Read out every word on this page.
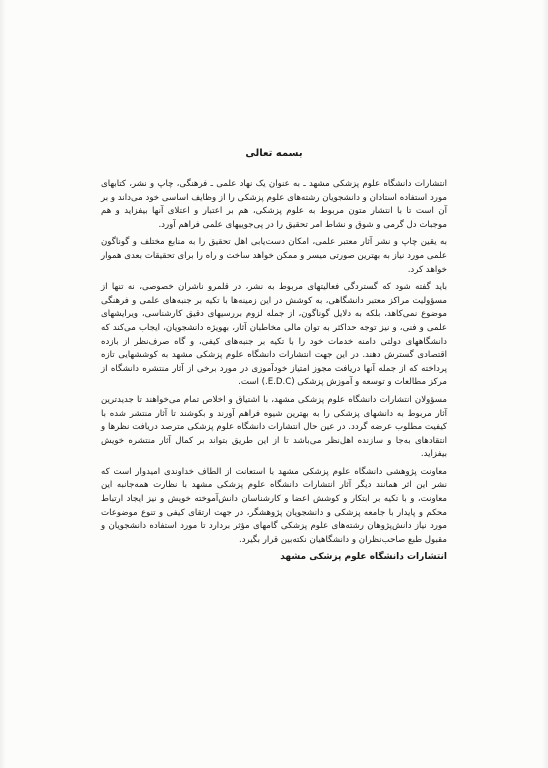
بسمه تعالی

انتشارات دانشگاه علوم پزشکی مشهد ـ به عنوان یک نهاد علمی ـ فرهنگی، چاپ و نشر، کتابهای مورد استفاده استادان و دانشجویان رشته‌های علوم پزشکی را از وظایف اساسی خود می‌داند و بر آن است تا با انتشار متون مربوط به علوم پزشکی، هم بر اعتبار و اعتلای آنها بیفزاید و هم موجبات دل گرمی و شوق و نشاط امر تحقیق را در پی‌جوییهای علمی فراهم آورد.

به یقین چاپ و نشر آثار معتبر علمی، امکان دست‌یابی اهل تحقیق را به منابع مختلف و گوناگون علمی مورد نیاز به بهترین صورتی میسر و ممکن خواهد ساخت و راه را برای تحقیقات بعدی هموار خواهد کرد.

باید گفته شود که گستردگی فعالیتهای مربوط به نشر، در قلمرو ناشران خصوصی، نه تنها از مسؤولیت مراکز معتبر دانشگاهی، به کوشش در این زمینه‌ها با تکیه بر جنبه‌های علمی و فرهنگی موضوع نمی‌کاهد، بلکه به دلایل گوناگون، از جمله لزوم بررسیهای دقیق کارشناسی، ویرایشهای علمی و فنی، و نیز توجه حداکثر به توان مالی مخاطبان آثار، بهویژه دانشجویان، ایجاب می‌کند که دانشگاههای دولتی دامنه خدمات خود را با تکیه بر جنبه‌های کیفی، و گاه صرف‌نظر از بازده اقتصادی گسترش دهند. در این جهت انتشارات دانشگاه علوم پزشکی مشهد به کوششهایی تازه پرداخته که از جمله آنها دریافت مجوز امتیاز خودآموزی در مورد برخی از آثار منتشره دانشگاه از مرکز مطالعات و توسعه و آموزش پزشکی (E.D.C.) است.

مسؤولان انتشارات دانشگاه علوم پزشکی مشهد، با اشتیاق و اخلاص تمام می‌خواهند تا جدیدترین آثار مربوط به دانشهای پزشکی را به بهترین شیوه فراهم آورند و بکوشند تا آثار منتشر شده با کیفیت مطلوب عرضه گردد. در عین حال انتشارات دانشگاه علوم پزشکی مترصد دریافت نظرها و انتقادهای به‌جا و سازنده اهل‌نظر می‌باشد تا از این طریق بتواند بر کمال آثار منتشره خویش بیفزاید.

معاونت پژوهشی دانشگاه علوم پزشکی مشهد با استعانت از الطاف خداوندی امیدوار است که نشر این اثر همانند دیگر آثار انتشارات دانشگاه علوم پزشکی مشهد با نظارت همه‌جانبه این معاونت، و با تکیه بر ابتکار و کوشش اعضا و کارشناسان دانش‌آموخته خویش و نیز ایجاد ارتباط محکم و پایدار با جامعه پزشکی و دانشجویان پژوهشگر، در جهت ارتقای کیفی و تنوع موضوعات مورد نیاز دانش‌پژوهان رشته‌های علوم پزشکی گامهای مؤثر بردارد تا مورد استفاده دانشجویان و مقبول طبع صاحب‌نظران و دانشگاهیان نکته‌بین قرار بگیرد.

انتشارات دانشگاه علوم پزشکی مشهد
